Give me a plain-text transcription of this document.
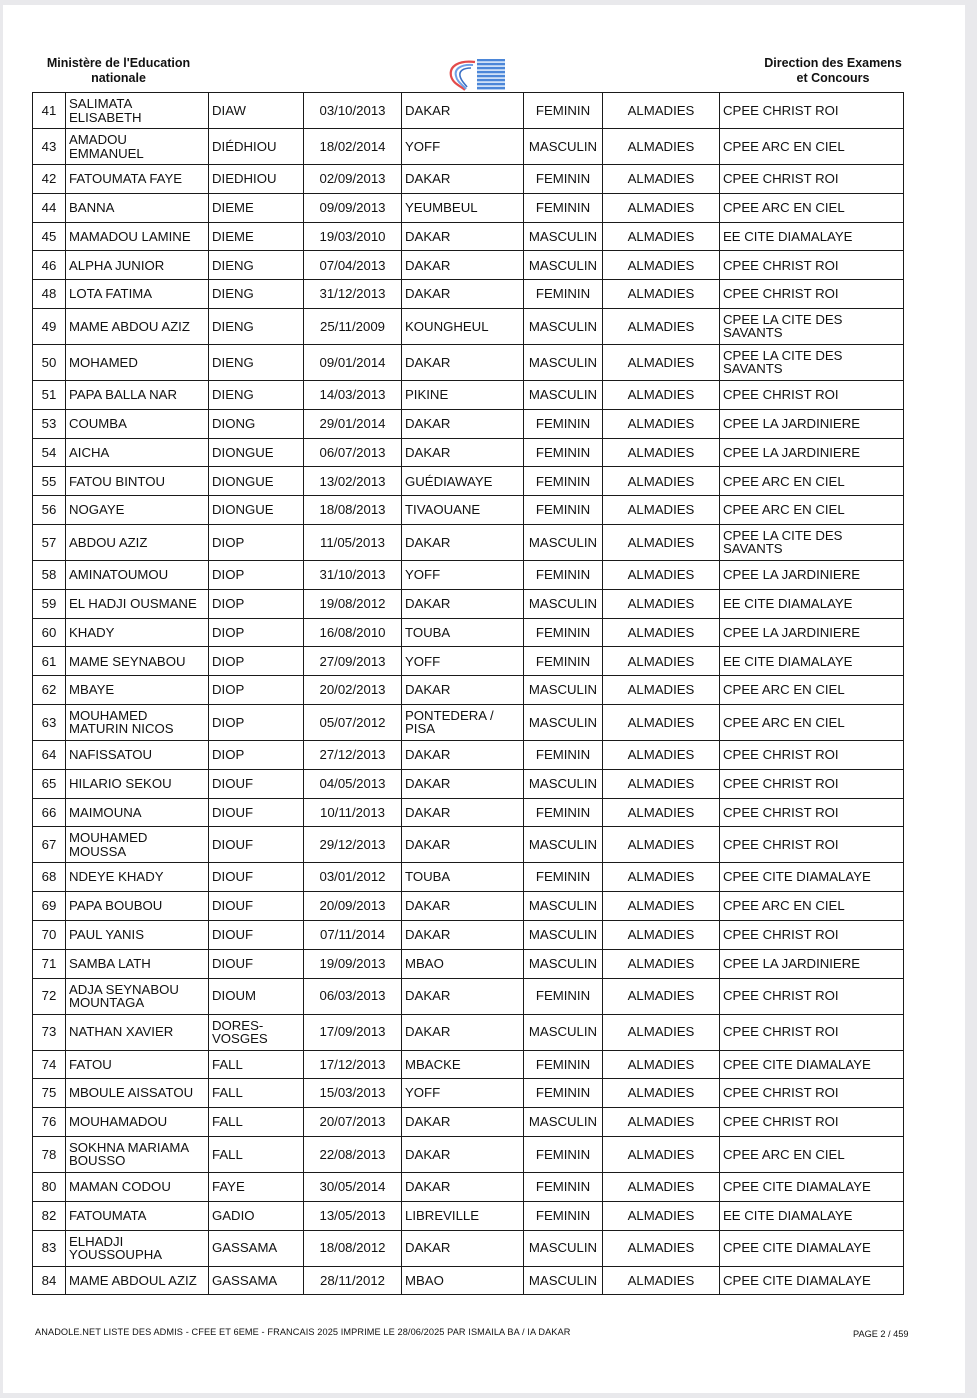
Ministère de l'Education
nationale
Direction des Examens
et Concours
41	SALIMATA ELISABETH	DIAW	03/10/2013	DAKAR	FEMININ	ALMADIES	CPEE CHRIST ROI
43	AMADOU EMMANUEL	DIÉDHIOU	18/02/2014	YOFF	MASCULIN	ALMADIES	CPEE ARC EN CIEL
42	FATOUMATA FAYE	DIEDHIOU	02/09/2013	DAKAR	FEMININ	ALMADIES	CPEE CHRIST ROI
44	BANNA	DIEME	09/09/2013	YEUMBEUL	FEMININ	ALMADIES	CPEE ARC EN CIEL
45	MAMADOU LAMINE	DIEME	19/03/2010	DAKAR	MASCULIN	ALMADIES	EE CITE DIAMALAYE
46	ALPHA JUNIOR	DIENG	07/04/2013	DAKAR	MASCULIN	ALMADIES	CPEE CHRIST ROI
48	LOTA FATIMA	DIENG	31/12/2013	DAKAR	FEMININ	ALMADIES	CPEE CHRIST ROI
49	MAME ABDOU AZIZ	DIENG	25/11/2009	KOUNGHEUL	MASCULIN	ALMADIES	CPEE LA CITE DES SAVANTS
50	MOHAMED	DIENG	09/01/2014	DAKAR	MASCULIN	ALMADIES	CPEE LA CITE DES SAVANTS
51	PAPA BALLA NAR	DIENG	14/03/2013	PIKINE	MASCULIN	ALMADIES	CPEE CHRIST ROI
53	COUMBA	DIONG	29/01/2014	DAKAR	FEMININ	ALMADIES	CPEE LA JARDINIERE
54	AICHA	DIONGUE	06/07/2013	DAKAR	FEMININ	ALMADIES	CPEE LA JARDINIERE
55	FATOU BINTOU	DIONGUE	13/02/2013	GUÉDIAWAYE	FEMININ	ALMADIES	CPEE ARC EN CIEL
56	NOGAYE	DIONGUE	18/08/2013	TIVAOUANE	FEMININ	ALMADIES	CPEE ARC EN CIEL
57	ABDOU AZIZ	DIOP	11/05/2013	DAKAR	MASCULIN	ALMADIES	CPEE LA CITE DES SAVANTS
58	AMINATOUMOU	DIOP	31/10/2013	YOFF	FEMININ	ALMADIES	CPEE LA JARDINIERE
59	EL HADJI OUSMANE	DIOP	19/08/2012	DAKAR	MASCULIN	ALMADIES	EE CITE DIAMALAYE
60	KHADY	DIOP	16/08/2010	TOUBA	FEMININ	ALMADIES	CPEE LA JARDINIERE
61	MAME SEYNABOU	DIOP	27/09/2013	YOFF	FEMININ	ALMADIES	EE CITE DIAMALAYE
62	MBAYE	DIOP	20/02/2013	DAKAR	MASCULIN	ALMADIES	CPEE ARC EN CIEL
63	MOUHAMED MATURIN NICOS	DIOP	05/07/2012	PONTEDERA / PISA	MASCULIN	ALMADIES	CPEE ARC EN CIEL
64	NAFISSATOU	DIOP	27/12/2013	DAKAR	FEMININ	ALMADIES	CPEE CHRIST ROI
65	HILARIO SEKOU	DIOUF	04/05/2013	DAKAR	MASCULIN	ALMADIES	CPEE CHRIST ROI
66	MAIMOUNA	DIOUF	10/11/2013	DAKAR	FEMININ	ALMADIES	CPEE CHRIST ROI
67	MOUHAMED MOUSSA	DIOUF	29/12/2013	DAKAR	MASCULIN	ALMADIES	CPEE CHRIST ROI
68	NDEYE KHADY	DIOUF	03/01/2012	TOUBA	FEMININ	ALMADIES	CPEE CITE DIAMALAYE
69	PAPA BOUBOU	DIOUF	20/09/2013	DAKAR	MASCULIN	ALMADIES	CPEE ARC EN CIEL
70	PAUL YANIS	DIOUF	07/11/2014	DAKAR	MASCULIN	ALMADIES	CPEE CHRIST ROI
71	SAMBA LATH	DIOUF	19/09/2013	MBAO	MASCULIN	ALMADIES	CPEE LA JARDINIERE
72	ADJA SEYNABOU MOUNTAGA	DIOUM	06/03/2013	DAKAR	FEMININ	ALMADIES	CPEE CHRIST ROI
73	NATHAN XAVIER	DORES-VOSGES	17/09/2013	DAKAR	MASCULIN	ALMADIES	CPEE CHRIST ROI
74	FATOU	FALL	17/12/2013	MBACKE	FEMININ	ALMADIES	CPEE CITE DIAMALAYE
75	MBOULE AISSATOU	FALL	15/03/2013	YOFF	FEMININ	ALMADIES	CPEE CHRIST ROI
76	MOUHAMADOU	FALL	20/07/2013	DAKAR	MASCULIN	ALMADIES	CPEE CHRIST ROI
78	SOKHNA MARIAMA BOUSSO	FALL	22/08/2013	DAKAR	FEMININ	ALMADIES	CPEE ARC EN CIEL
80	MAMAN CODOU	FAYE	30/05/2014	DAKAR	FEMININ	ALMADIES	CPEE CITE DIAMALAYE
82	FATOUMATA	GADIO	13/05/2013	LIBREVILLE	FEMININ	ALMADIES	EE CITE DIAMALAYE
83	ELHADJI YOUSSOUPHA	GASSAMA	18/08/2012	DAKAR	MASCULIN	ALMADIES	CPEE CITE DIAMALAYE
84	MAME ABDOUL AZIZ	GASSAMA	28/11/2012	MBAO	MASCULIN	ALMADIES	CPEE CITE DIAMALAYE
ANADOLE.NET LISTE DES ADMIS - CFEE ET 6EME - FRANCAIS 2025 IMPRIME LE 28/06/2025 PAR ISMAILA BA / IA DAKAR	PAGE 2 / 459
